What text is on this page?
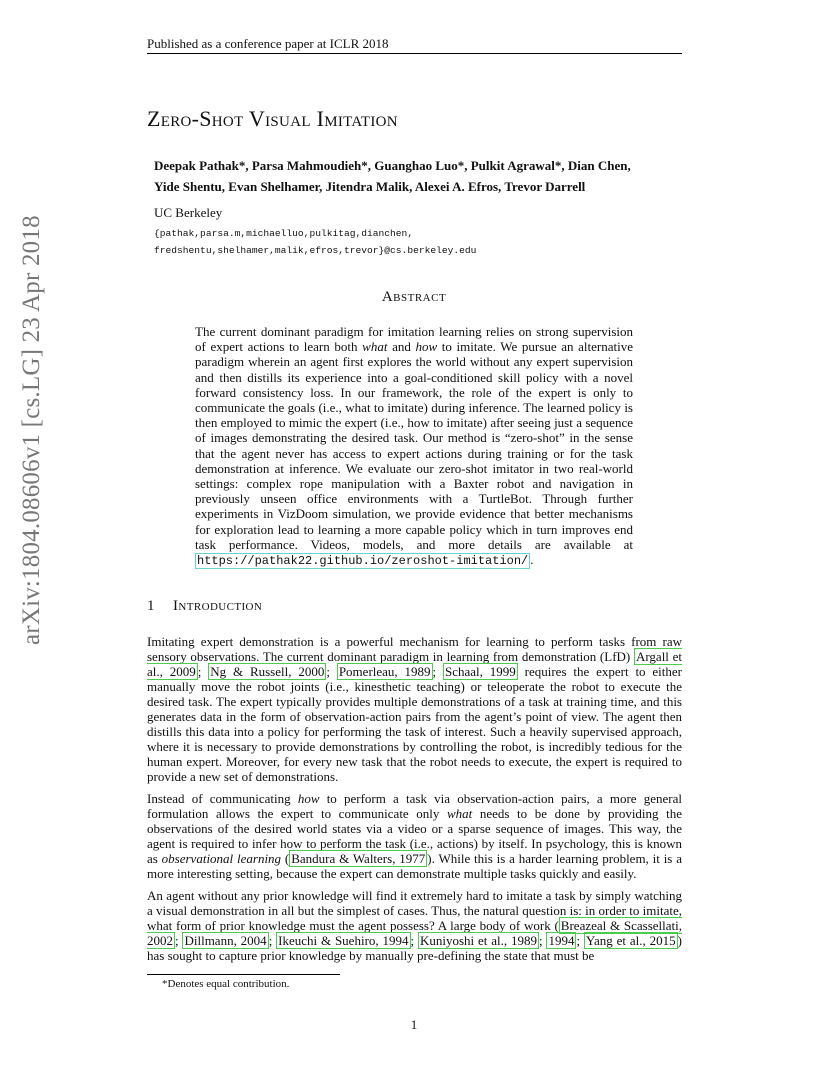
Published as a conference paper at ICLR 2018
Zero-Shot Visual Imitation
Deepak Pathak*, Parsa Mahmoudieh*, Guanghao Luo*, Pulkit Agrawal*, Dian Chen,
Yide Shentu, Evan Shelhamer, Jitendra Malik, Alexei A. Efros, Trevor Darrell
UC Berkeley
{pathak,parsa.m,michaelluo,pulkitag,dianchen,
fredshentu,shelhamer,malik,efros,trevor}@cs.berkeley.edu
arXiv:1804.08606v1 [cs.LG] 23 Apr 2018	Abstract
The current dominant paradigm for imitation learning relies on strong supervision of expert actions to learn both what and how to imitate. We pursue an alternative paradigm wherein an agent first explores the world without any expert supervision and then distills its experience into a goal-conditioned skill policy with a novel forward consistency loss. In our framework, the role of the expert is only to communicate the goals (i.e., what to imitate) during inference. The learned policy is then employed to mimic the expert (i.e., how to imitate) after seeing just a sequence of images demonstrating the desired task. Our method is “zero-shot” in the sense that the agent never has access to expert actions during training or for the task demonstration at inference. We evaluate our zero-shot imitator in two real-world settings: complex rope manipulation with a Baxter robot and navigation in previously unseen office environments with a TurtleBot. Through further experiments in VizDoom simulation, we provide evidence that better mechanisms for exploration lead to learning a more capable policy which in turn improves end task performance. Videos, models, and more details are available at https://pathak22.github.io/zeroshot-imitation/ .
1 Introduction
Imitating expert demonstration is a powerful mechanism for learning to perform tasks from raw sensory observations. The current dominant paradigm in learning from demonstration (LfD) Argall et al., 2009 ; Ng & Russell, 2000 ; Pomerleau, 1989 ; Schaal, 1999 requires the expert to either manually move the robot joints (i.e., kinesthetic teaching) or teleoperate the robot to execute the desired task. The expert typically provides multiple demonstrations of a task at training time, and this generates data in the form of observation-action pairs from the agent’s point of view. The agent then distills this data into a policy for performing the task of interest. Such a heavily supervised approach, where it is necessary to provide demonstrations by controlling the robot, is incredibly tedious for the human expert. Moreover, for every new task that the robot needs to execute, the expert is required to provide a new set of demonstrations.
Instead of communicating how to perform a task via observation-action pairs, a more general formulation allows the expert to communicate only what needs to be done by providing the observations of the desired world states via a video or a sparse sequence of images. This way, the agent is required to infer how to perform the task (i.e., actions) by itself. In psychology, this is known as observational learning ( Bandura & Walters, 1977 ). While this is a harder learning problem, it is a more interesting setting, because the expert can demonstrate multiple tasks quickly and easily.
An agent without any prior knowledge will find it extremely hard to imitate a task by simply watching a visual demonstration in all but the simplest of cases. Thus, the natural question is: in order to imitate, what form of prior knowledge must the agent possess? A large body of work ( Breazeal & Scassellati, 2002 ; Dillmann, 2004 ; Ikeuchi & Suehiro, 1994 ; Kuniyoshi et al., 1989 ; 1994 ; Yang et al., 2015 ) has sought to capture prior knowledge by manually pre-defining the state that must be
*Denotes equal contribution.
1
